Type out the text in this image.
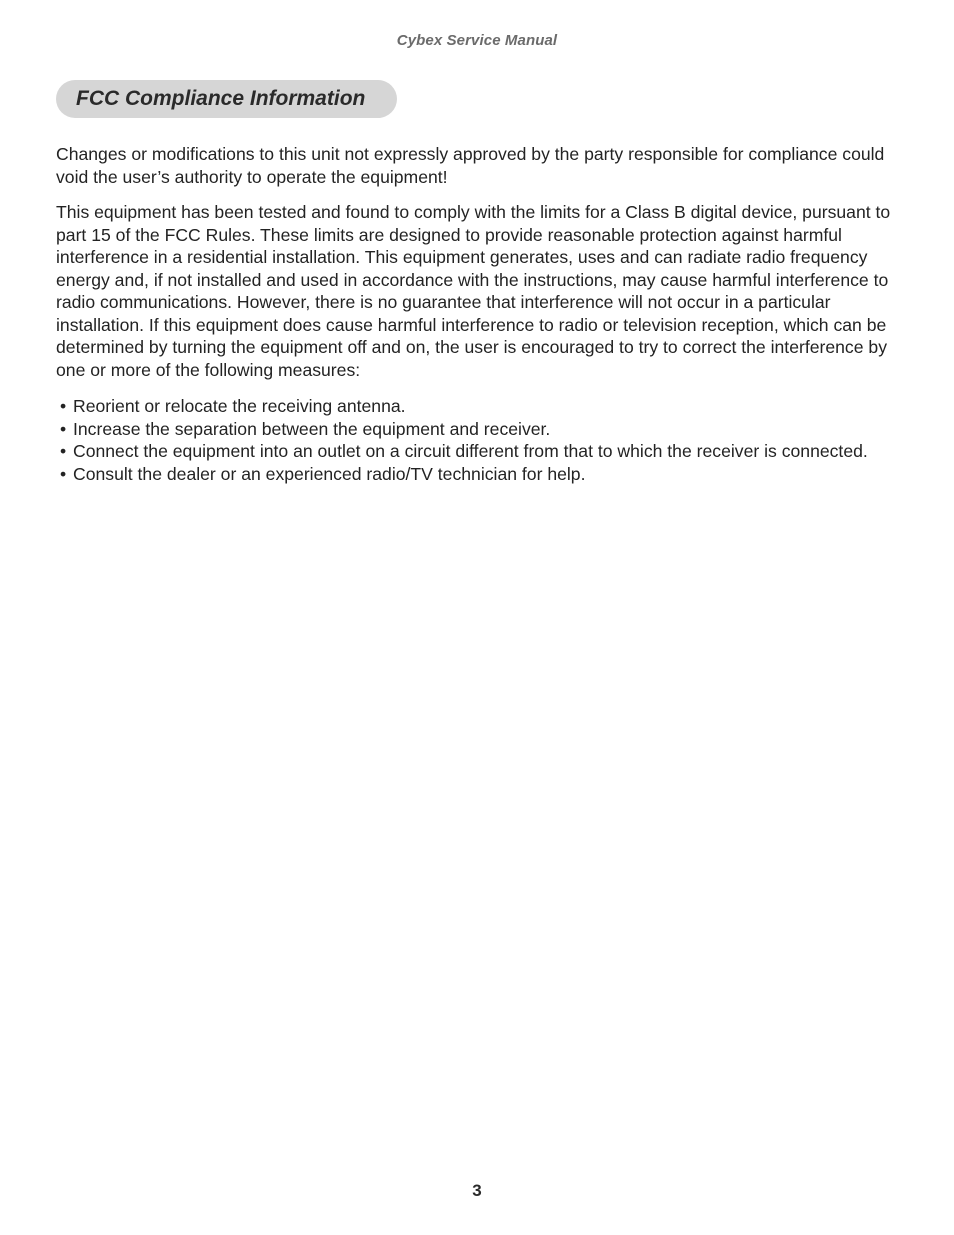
Cybex Service Manual
FCC Compliance Information

Changes or modifications to this unit not expressly approved by the party responsible for compliance could void the user’s authority to operate the equipment!

This equipment has been tested and found to comply with the limits for a Class B digital device, pursuant to part 15 of the FCC Rules. These limits are designed to provide reasonable protection against harmful interference in a residential installation. This equipment generates, uses and can radiate radio frequency energy and, if not installed and used in accordance with the instructions, may cause harmful interference to radio communications. However, there is no guarantee that interference will not occur in a particular installation. If this equipment does cause harmful interference to radio or television reception, which can be determined by turning the equipment off and on, the user is encouraged to try to correct the interference by one or more of the following measures:

• Reorient or relocate the receiving antenna.
• Increase the separation between the equipment and receiver.
• Connect the equipment into an outlet on a circuit different from that to which the receiver is connected.
• Consult the dealer or an experienced radio/TV technician for help.
3
